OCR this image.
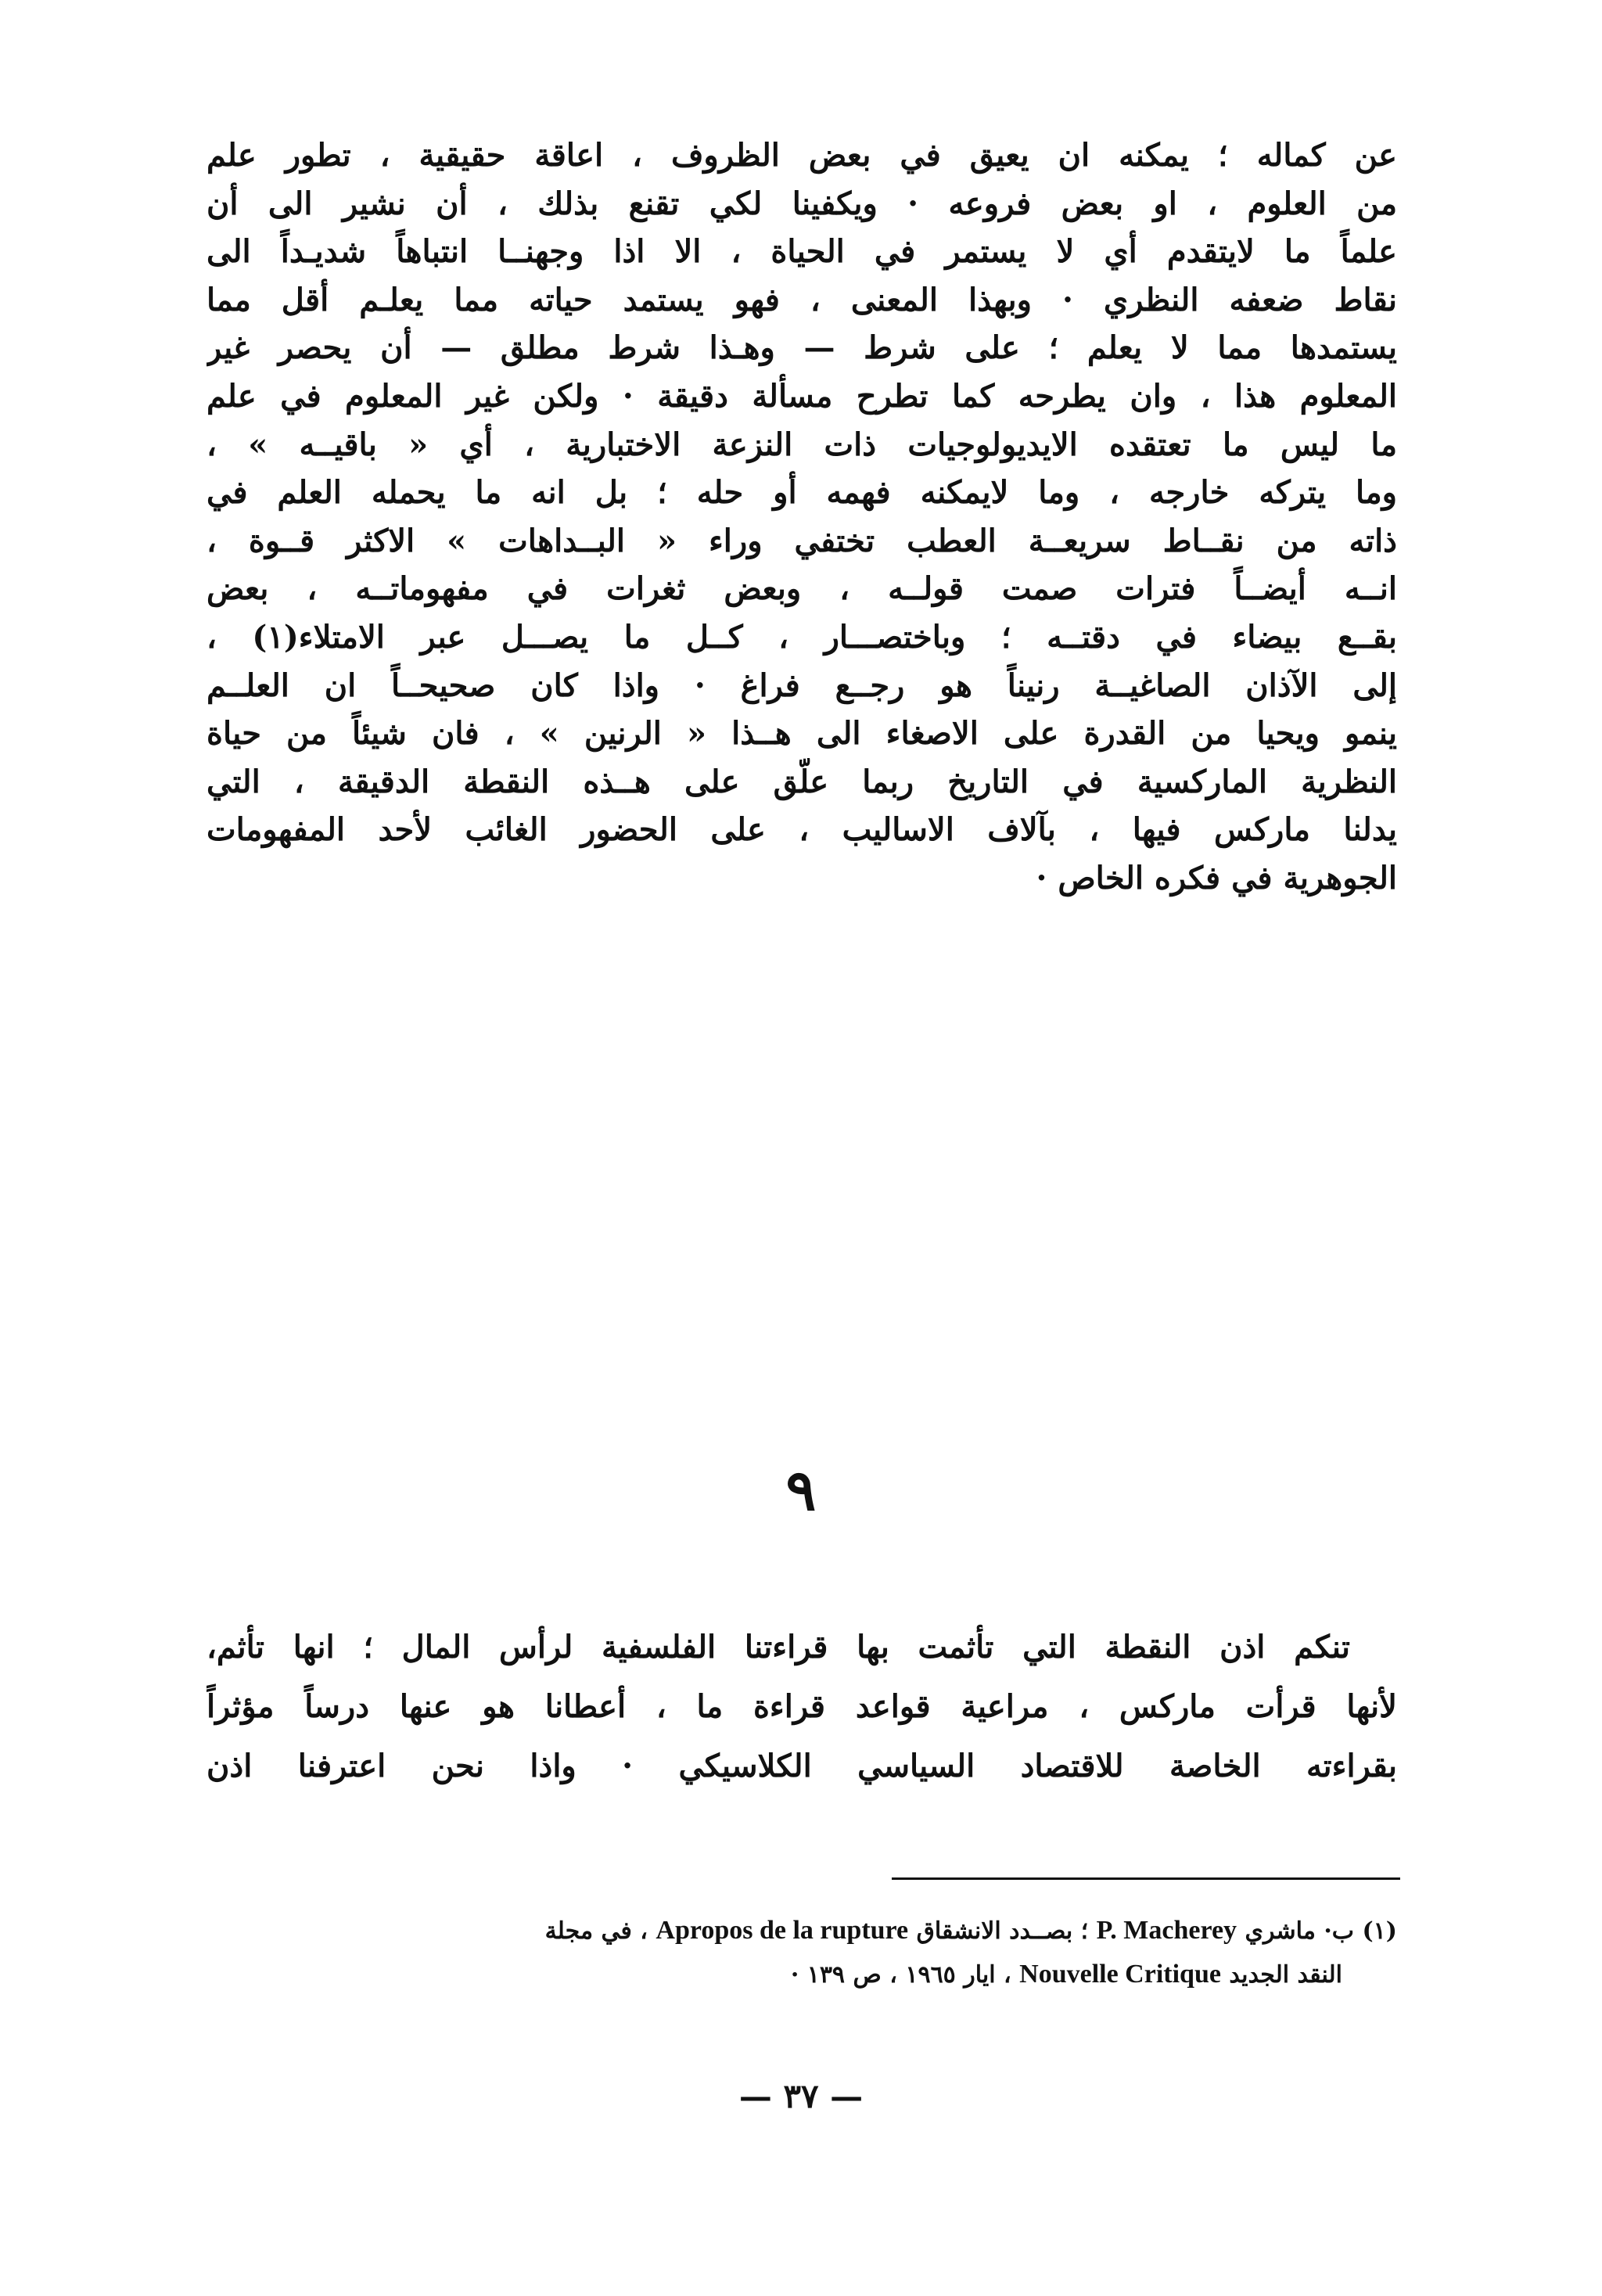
عن كماله ؛ يمكنه ان يعيق في بعض الظروف ، اعاقة حقيقية ، تطور علم
من العلوم ، او بعض فروعه · ويكفينا لكي تقنع بذلك ، أن نشير الى أن
علماً ما لايتقدم أي لا يستمر في الحياة ، الا اذا وجهنــا انتباهاً شديـداً الى
نقاط ضعفه النظري · وبهذا المعنى ، فهو يستمد حياته مما يعلـم أقل مما
يستمدها مما لا يعلم ؛ على شرط — وهـذا شرط مطلق — أن يحصر غير
المعلوم هذا ، وان يطرحه كما تطرح مسألة دقيقة · ولكن غير المعلوم في علم
ما ليس ما تعتقده الايديولوجيات ذات النزعة الاختبارية ، أي « باقيــه » ،
وما يتركه خارجه ، وما لايمكنه فهمه أو حله ؛ بل انه ما يحمله العلم في
ذاته من نقــاط سريعــة العطب تختفي وراء « البــداهات » الاكثر قــوة ،
انــه أيضــاً فترات صمت قولــه ، وبعض ثغرات في مفهوماتــه ، بعض
بقــع بيضاء في دقتــه ؛ وباختصـــار ، كــل ما يصـــل عبر الامتلاء(١) ،
إلى الآذان الصاغيــة رنيناً هو رجــع فراغ · واذا كان صحيحــاً ان العلــم
ينمو ويحيا من القدرة على الاصغاء الى هــذا « الرنين » ، فان شيئاً من حياة
النظرية الماركسية في التاريخ ربما علّق على هــذه النقطة الدقيقة ، التي
يدلنا ماركس فيها ، بآلاف الاساليب ، على الحضور الغائب لأحد المفهومات
الجوهرية في فكره الخاص ·
٩
تنكم اذن النقطة التي تأثمت بها قراءتنا الفلسفية لرأس المال ؛ انها تأثم،
لأنها قرأت ماركس ، مراعية قواعد قراءة ما ، أعطانا هو عنها درساً مؤثراً
بقراءته الخاصة للاقتصاد السياسي الكلاسيكي · واذا نحن اعترفنا اذن
(١) ب· ماشري P. Macherey ؛ بصــدد الانشقاق Apropos de la rupture ، في مجلة
النقد الجديد Nouvelle Critique ، ايار ١٩٦٥ ، ص ١٣٩ ·
— ٣٧ —
